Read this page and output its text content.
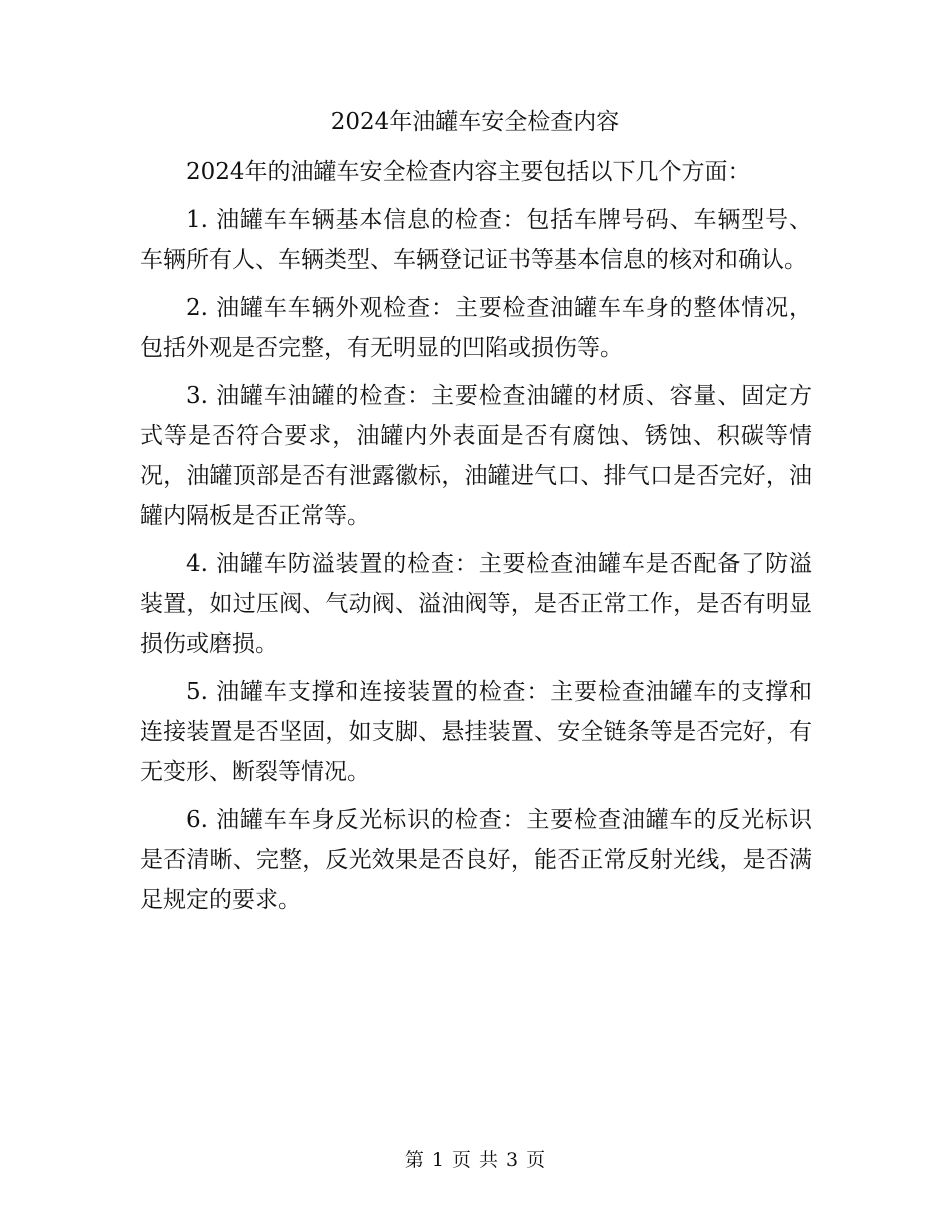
2024年油罐车安全检查内容

2024年的油罐车安全检查内容主要包括以下几个方面：

1. 油罐车车辆基本信息的检查：包括车牌号码、车辆型号、车辆所有人、车辆类型、车辆登记证书等基本信息的核对和确认。

2. 油罐车车辆外观检查：主要检查油罐车车身的整体情况，包括外观是否完整，有无明显的凹陷或损伤等。

3. 油罐车油罐的检查：主要检查油罐的材质、容量、固定方式等是否符合要求，油罐内外表面是否有腐蚀、锈蚀、积碳等情况，油罐顶部是否有泄露徽标，油罐进气口、排气口是否完好，油罐内隔板是否正常等。

4. 油罐车防溢装置的检查：主要检查油罐车是否配备了防溢装置，如过压阀、气动阀、溢油阀等，是否正常工作，是否有明显损伤或磨损。

5. 油罐车支撑和连接装置的检查：主要检查油罐车的支撑和连接装置是否坚固，如支脚、悬挂装置、安全链条等是否完好，有无变形、断裂等情况。

6. 油罐车车身反光标识的检查：主要检查油罐车的反光标识是否清晰、完整，反光效果是否良好，能否正常反射光线，是否满足规定的要求。

第 1 页 共 3 页
